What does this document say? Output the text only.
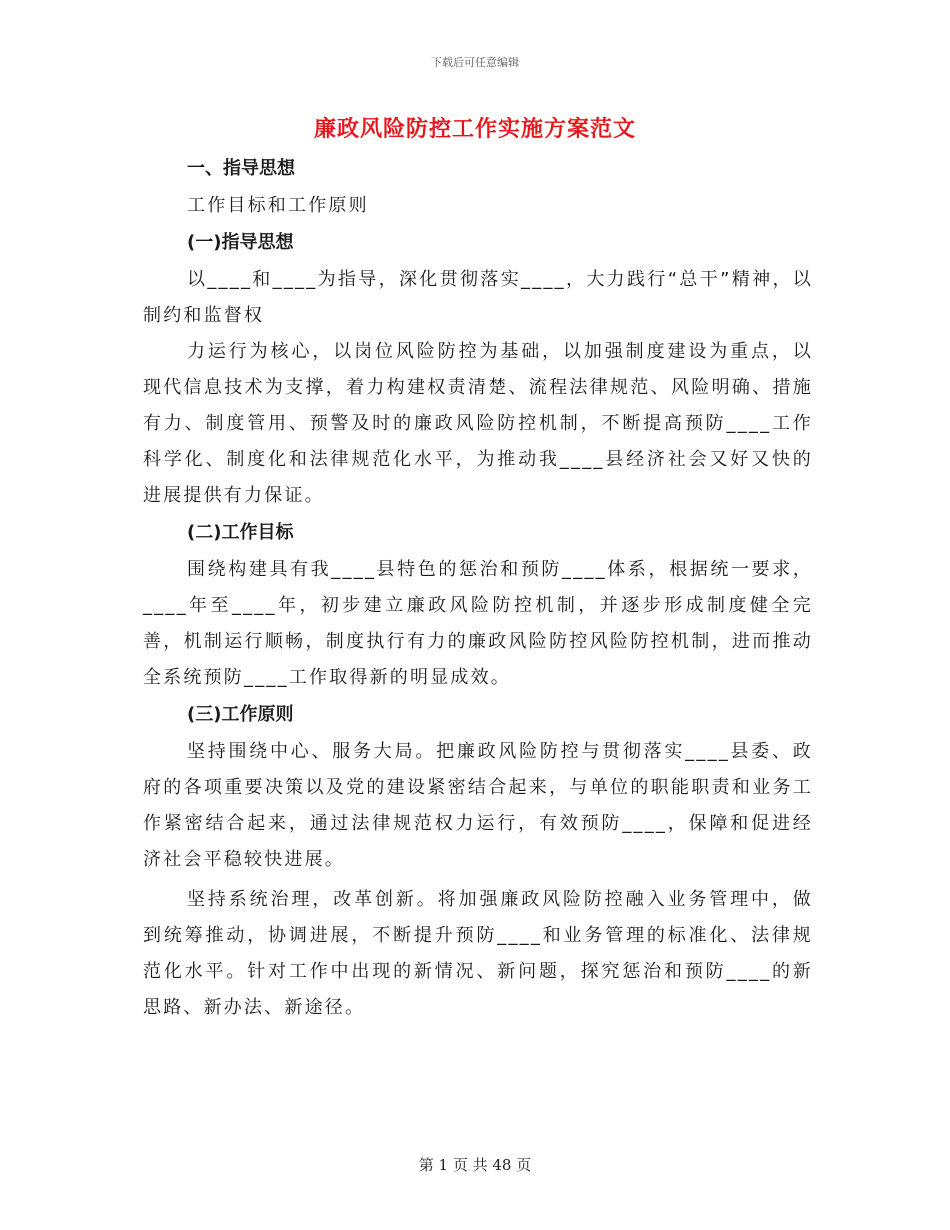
下载后可任意编辑
廉政风险防控工作实施方案范文

一、指导思想

工作目标和工作原则

(一)指导思想

以____和____为指导，深化贯彻落实____，大力践行“总干”精神，以制约和监督权

力运行为核心，以岗位风险防控为基础，以加强制度建设为重点，以现代信息技术为支撑，着力构建权责清楚、流程法律规范、风险明确、措施有力、制度管用、预警及时的廉政风险防控机制，不断提高预防____工作科学化、制度化和法律规范化水平，为推动我____县经济社会又好又快的进展提供有力保证。

(二)工作目标

围绕构建具有我____县特色的惩治和预防____体系，根据统一要求，____年至____年，初步建立廉政风险防控机制，并逐步形成制度健全完善，机制运行顺畅，制度执行有力的廉政风险防控风险防控机制，进而推动全系统预防____工作取得新的明显成效。

(三)工作原则

坚持围绕中心、服务大局。把廉政风险防控与贯彻落实____县委、政府的各项重要决策以及党的建设紧密结合起来，与单位的职能职责和业务工作紧密结合起来，通过法律规范权力运行，有效预防____，保障和促进经济社会平稳较快进展。

坚持系统治理，改革创新。将加强廉政风险防控融入业务管理中，做到统筹推动，协调进展，不断提升预防____和业务管理的标准化、法律规范化水平。针对工作中出现的新情况、新问题，探究惩治和预防____的新思路、新办法、新途径。

第 1 页 共 48 页
